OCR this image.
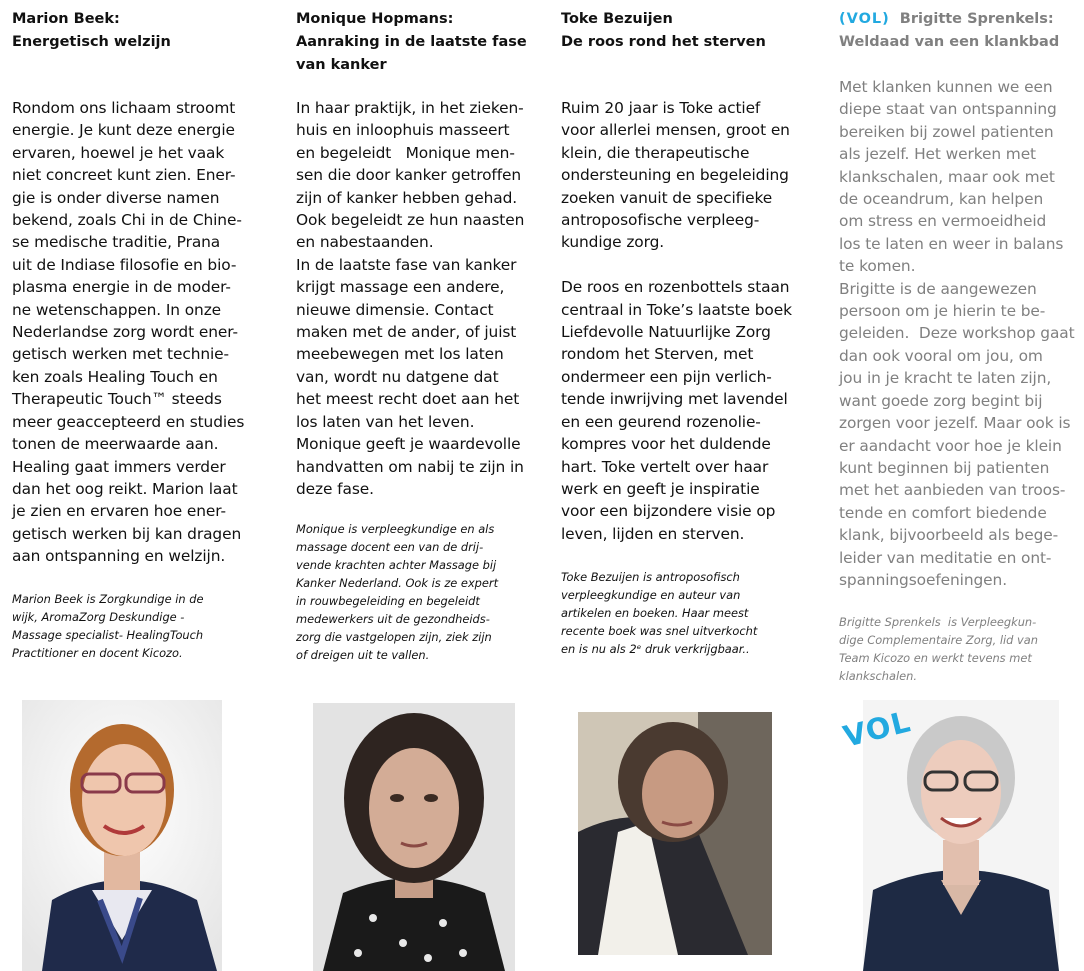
Marion Beek:
Energetisch welzijn
Rondom ons lichaam stroomt
energie. Je kunt deze energie
ervaren, hoewel je het vaak
niet concreet kunt zien. Ener-
gie is onder diverse namen
bekend, zoals Chi in de Chine-
se medische traditie, Prana
uit de Indiase filosofie en bio-
plasma energie in de moder-
ne wetenschappen. In onze
Nederlandse zorg wordt ener-
getisch werken met technie-
ken zoals Healing Touch en
Therapeutic Touch™ steeds
meer geaccepteerd en studies
tonen de meerwaarde aan.
Healing gaat immers verder
dan het oog reikt. Marion laat
je zien en ervaren hoe ener-
getisch werken bij kan dragen
aan ontspanning en welzijn.
Marion Beek is Zorgkundige in de
wijk, AromaZorg Deskundige -
Massage specialist- HealingTouch
Practitioner en docent Kicozo.
Monique Hopmans:
Aanraking in de laatste fase
van kanker
In haar praktijk, in het zieken-
huis en inloophuis masseert
en begeleidt   Monique men-
sen die door kanker getroffen
zijn of kanker hebben gehad.
Ook begeleidt ze hun naasten
en nabestaanden.
In de laatste fase van kanker
krijgt massage een andere,
nieuwe dimensie. Contact
maken met de ander, of juist
meebewegen met los laten
van, wordt nu datgene dat
het meest recht doet aan het
los laten van het leven.
Monique geeft je waardevolle
handvatten om nabij te zijn in
deze fase.
Monique is verpleegkundige en als
massage docent een van de drij-
vende krachten achter Massage bij
Kanker Nederland. Ook is ze expert
in rouwbegeleiding en begeleidt
medewerkers uit de gezondheids-
zorg die vastgelopen zijn, ziek zijn
of dreigen uit te vallen.
Toke Bezuijen
De roos rond het sterven
Ruim 20 jaar is Toke actief
voor allerlei mensen, groot en
klein, die therapeutische
ondersteuning en begeleiding
zoeken vanuit de specifieke
antroposofische verpleeg-
kundige zorg.

De roos en rozenbottels staan
centraal in Toke’s laatste boek
Liefdevolle Natuurlijke Zorg
rondom het Sterven, met
ondermeer een pijn verlich-
tende inwrijving met lavendel
en een geurend rozenolie-
kompres voor het duldende
hart. Toke vertelt over haar
werk en geeft je inspiratie
voor een bijzondere visie op
leven, lijden en sterven.
Toke Bezuijen is antroposofisch
verpleegkundige en auteur van
artikelen en boeken. Haar meest
recente boek was snel uitverkocht
en is nu als 2ᵉ druk verkrijgbaar..
(VOL) Brigitte Sprenkels:
Weldaad van een klankbad
Met klanken kunnen we een
diepe staat van ontspanning
bereiken bij zowel patienten
als jezelf. Het werken met
klankschalen, maar ook met
de oceandrum, kan helpen
om stress en vermoeidheid
los te laten en weer in balans
te komen.
Brigitte is de aangewezen
persoon om je hierin te be-
geleiden.  Deze workshop gaat
dan ook vooral om jou, om
jou in je kracht te laten zijn,
want goede zorg begint bij
zorgen voor jezelf. Maar ook is
er aandacht voor hoe je klein
kunt beginnen bij patienten
met het aanbieden van troos-
tende en comfort biedende
klank, bijvoorbeeld als bege-
leider van meditatie en ont-
spanningsoefeningen.
Brigitte Sprenkels  is Verpleegkun-
dige Complementaire Zorg, lid van
Team Kicozo en werkt tevens met
klankschalen.
VOL
